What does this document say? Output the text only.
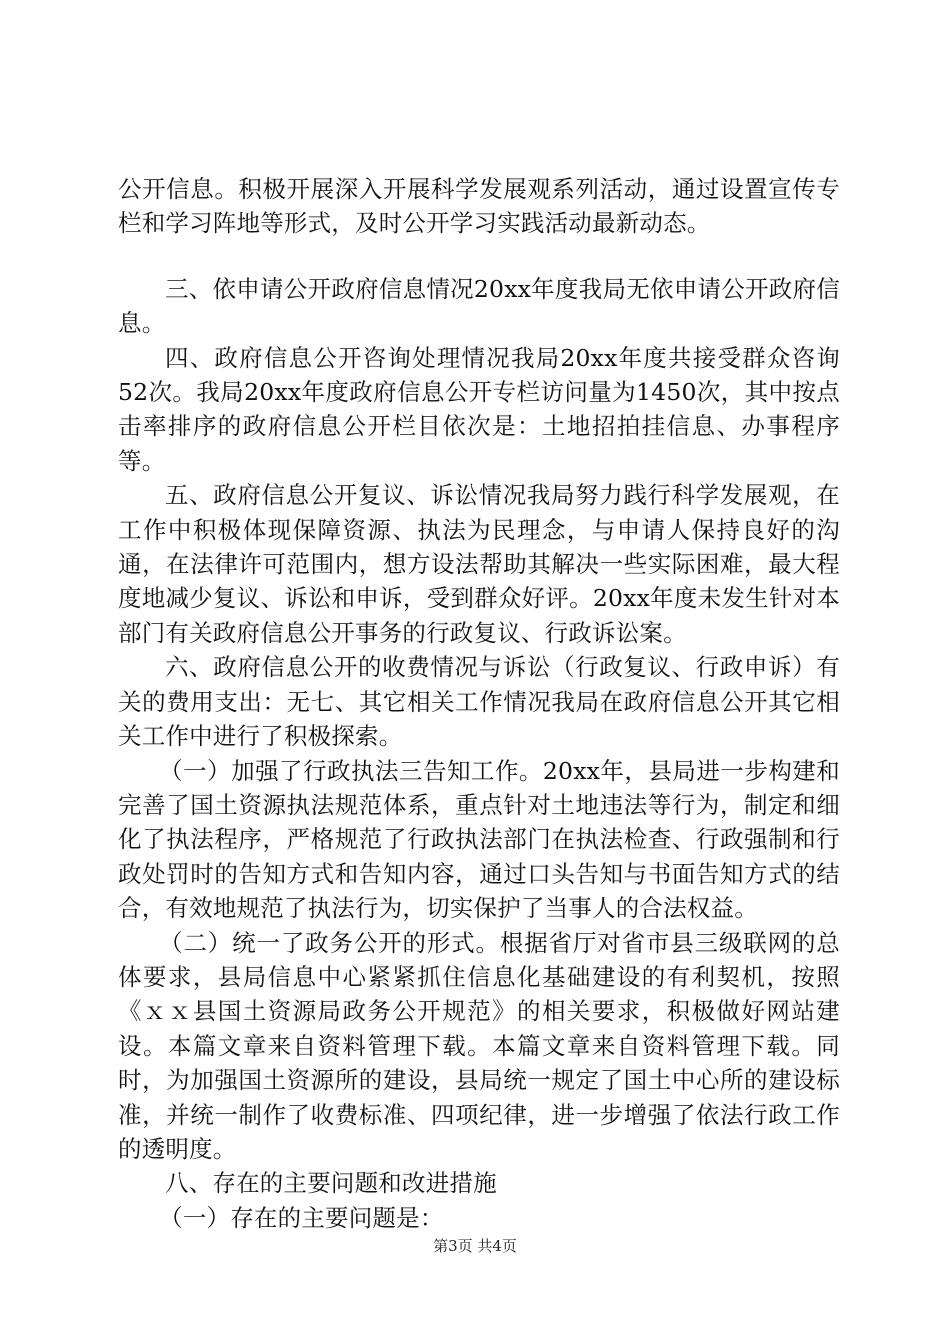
公开信息。积极开展深入开展科学发展观系列活动，通过设置宣传专栏和学习阵地等形式，及时公开学习实践活动最新动态。

三、依申请公开政府信息情况20xx年度我局无依申请公开政府信息。

四、政府信息公开咨询处理情况我局20xx年度共接受群众咨询52次。我局20xx年度政府信息公开专栏访问量为1450次，其中按点击率排序的政府信息公开栏目依次是：土地招拍挂信息、办事程序等。

五、政府信息公开复议、诉讼情况我局努力践行科学发展观，在工作中积极体现保障资源、执法为民理念，与申请人保持良好的沟通，在法律许可范围内，想方设法帮助其解决一些实际困难，最大程度地减少复议、诉讼和申诉，受到群众好评。20xx年度未发生针对本部门有关政府信息公开事务的行政复议、行政诉讼案。

六、政府信息公开的收费情况与诉讼（行政复议、行政申诉）有关的费用支出：无七、其它相关工作情况我局在政府信息公开其它相关工作中进行了积极探索。

（一）加强了行政执法三告知工作。20xx年，县局进一步构建和完善了国土资源执法规范体系，重点针对土地违法等行为，制定和细化了执法程序，严格规范了行政执法部门在执法检查、行政强制和行政处罚时的告知方式和告知内容，通过口头告知与书面告知方式的结合，有效地规范了执法行为，切实保护了当事人的合法权益。

（二）统一了政务公开的形式。根据省厅对省市县三级联网的总体要求，县局信息中心紧紧抓住信息化基础建设的有利契机，按照《ｘｘ县国土资源局政务公开规范》的相关要求，积极做好网站建设。本篇文章来自资料管理下载。本篇文章来自资料管理下载。同时，为加强国土资源所的建设，县局统一规定了国土中心所的建设标准，并统一制作了收费标准、四项纪律，进一步增强了依法行政工作的透明度。

八、存在的主要问题和改进措施

（一）存在的主要问题是：

第3页 共4页
